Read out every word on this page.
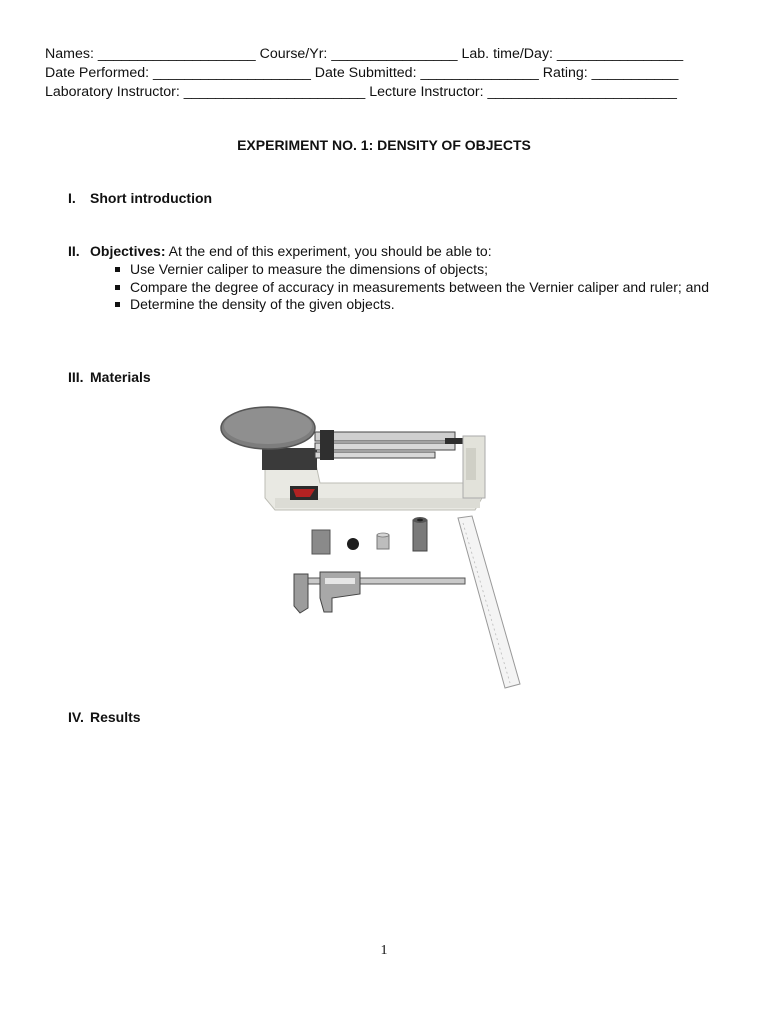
Names: ____________________ Course/Yr: ________________ Lab. time/Day: ________________
Date Performed: ____________________ Date Submitted: _______________ Rating: ___________
Laboratory Instructor: _______________________ Lecture Instructor: ________________________
EXPERIMENT NO. 1: DENSITY OF OBJECTS
I. Short introduction
II. Objectives: At the end of this experiment, you should be able to:
Use Vernier caliper to measure the dimensions of objects;
Compare the degree of accuracy in measurements between the Vernier caliper and ruler; and
Determine the density of the given objects.
III. Materials
IV. Results
1
